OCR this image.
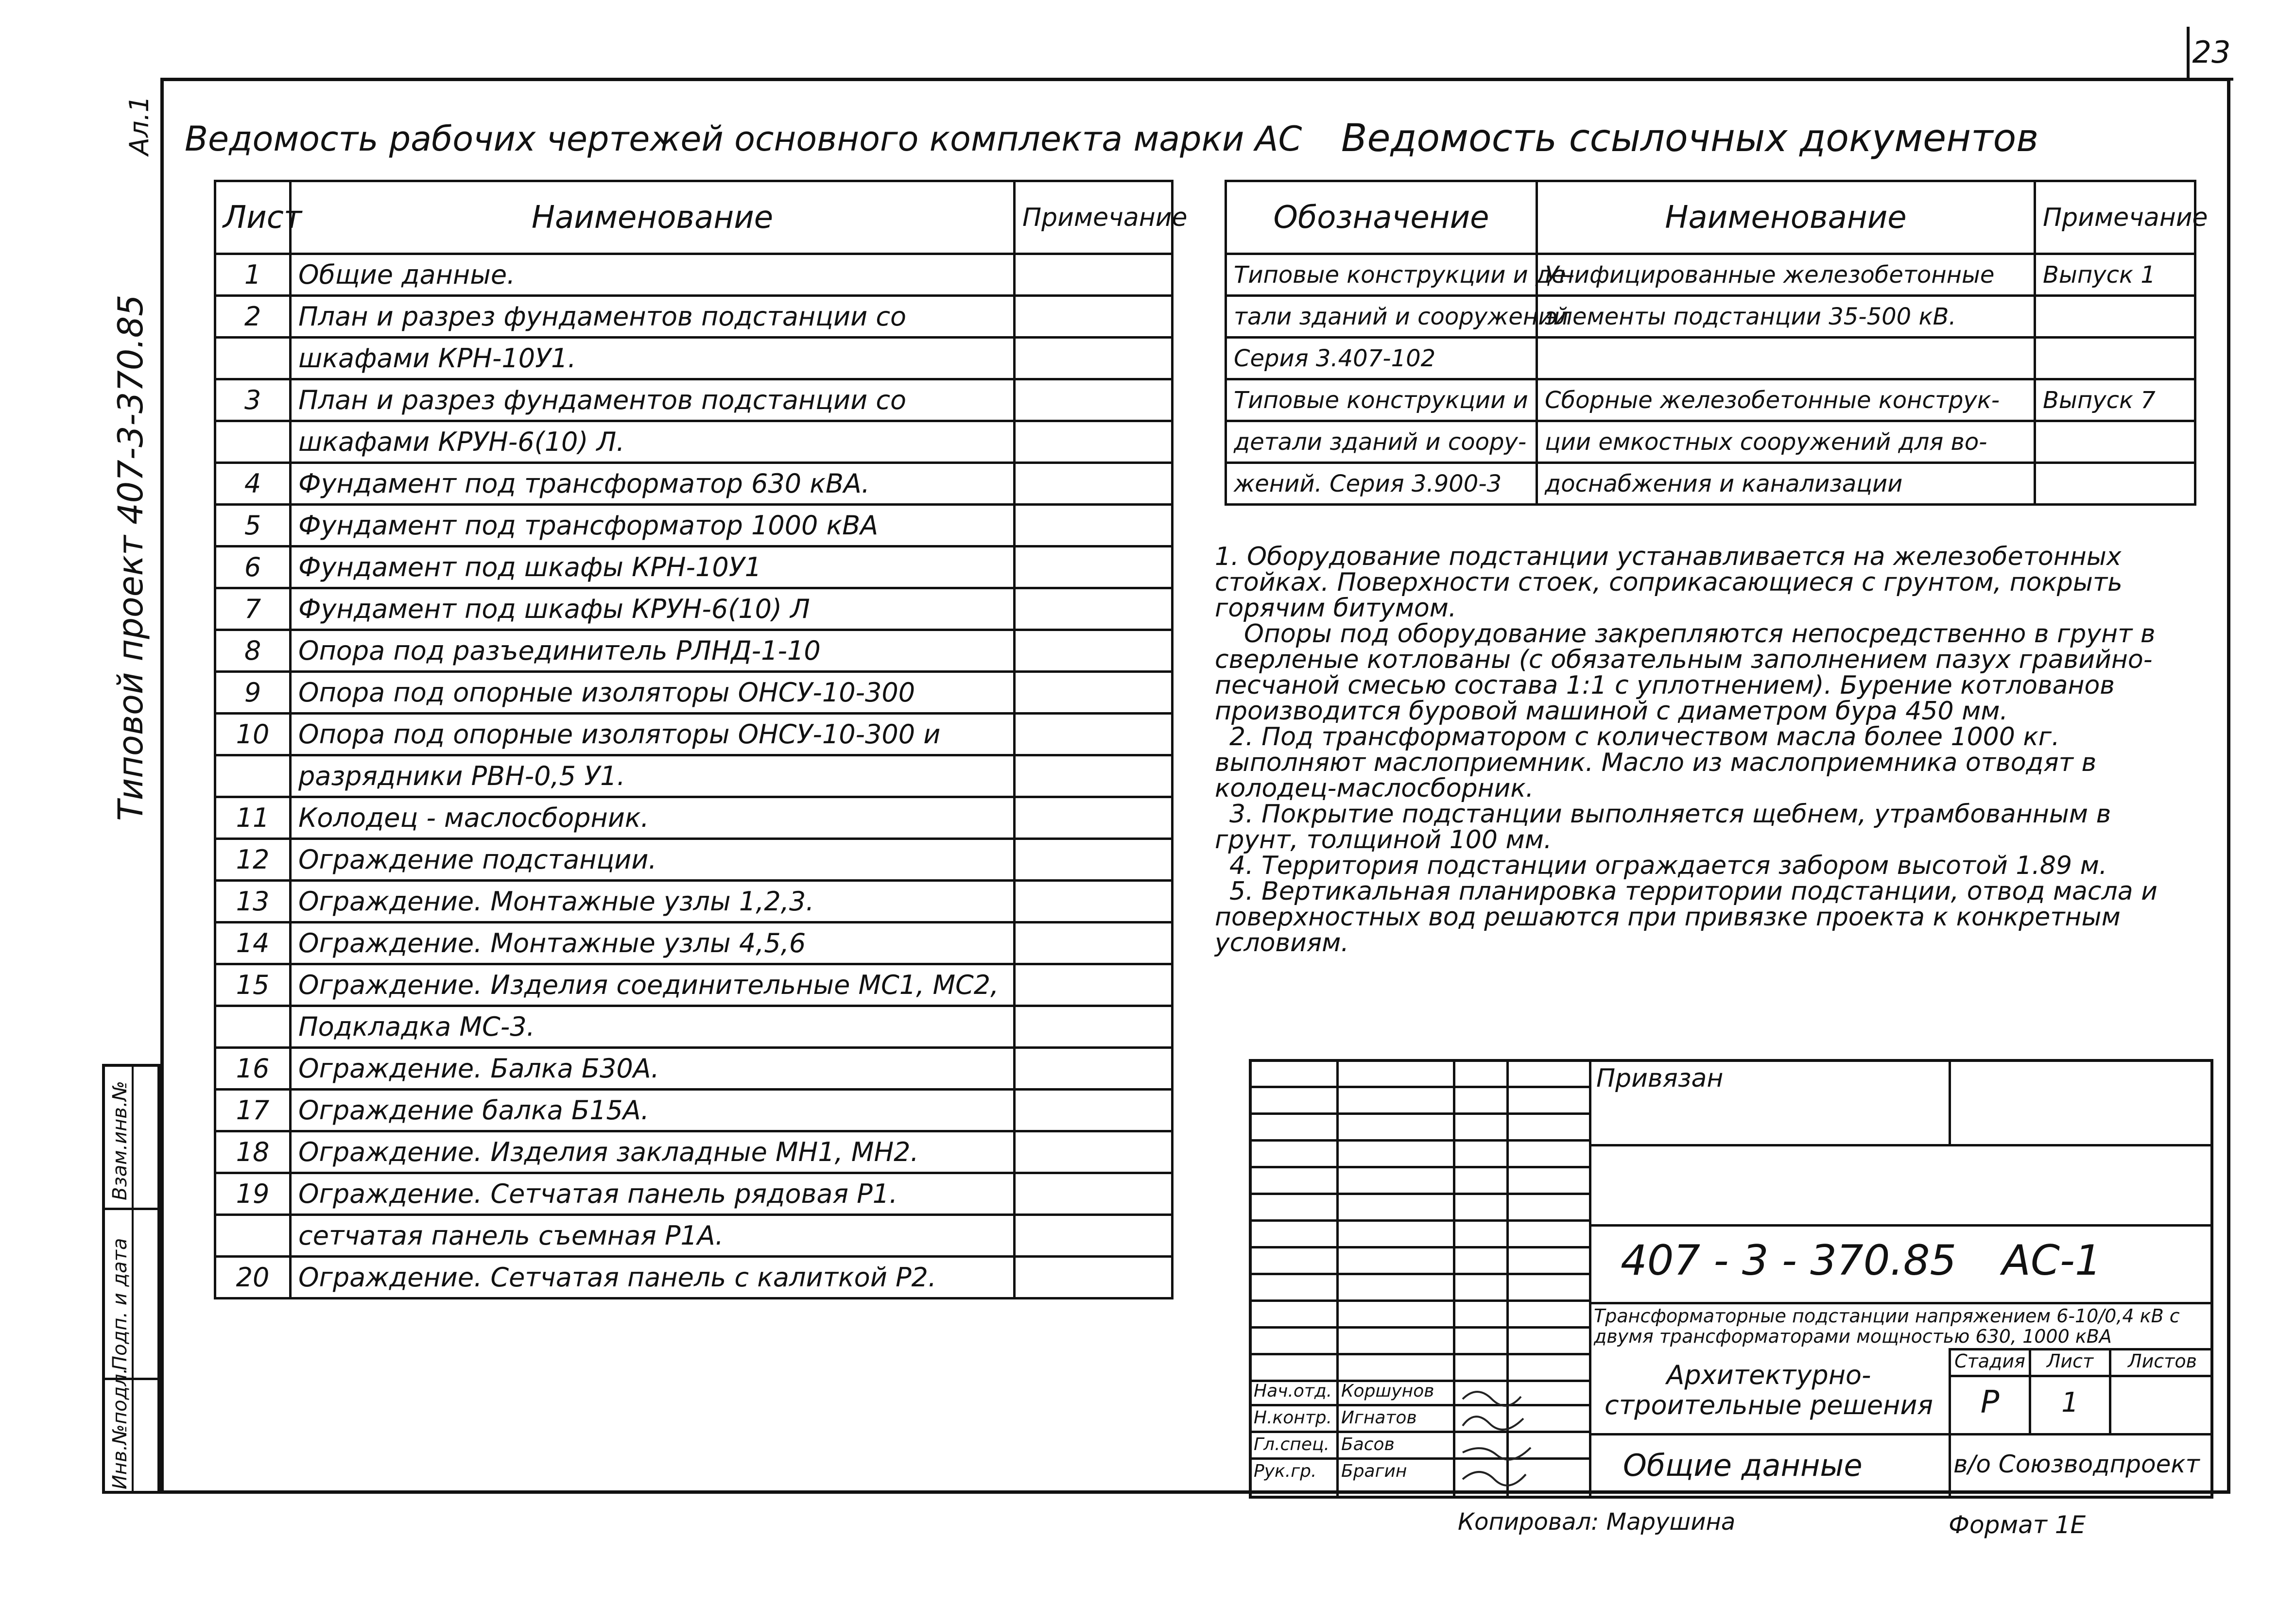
23
Ал.1
Типовой проект 407-3-370.85
Взам.инв.№
Подп. и дата
Инв.№подл.
Ведомость рабочих чертежей основного комплекта марки АС
Лист	Наименование	Примечание
1	Общие данные.	
2	План и разрез фундаментов подстанции со	
	шкафами КРН-10У1.	
3	План и разрез фундаментов подстанции со	
	шкафами КРУН-6(10) Л.	
4	Фундамент под трансформатор 630 кВА.	
5	Фундамент под трансформатор 1000 кВА	
6	Фундамент под шкафы КРН-10У1	
7	Фундамент под шкафы КРУН-6(10) Л	
8	Опора под разъединитель РЛНД-1-10	
9	Опора под опорные изоляторы ОНСУ-10-300	
10	Опора под опорные изоляторы ОНСУ-10-300 и	
	разрядники РВН-0,5 У1.	
11	Колодец - маслосборник.	
12	Ограждение подстанции.	
13	Ограждение. Монтажные узлы 1,2,3.	
14	Ограждение. Монтажные узлы 4,5,6	
15	Ограждение. Изделия соединительные МС1, МС2,	
	Подкладка МС-3.	
16	Ограждение. Балка Б30А.	
17	Ограждение балка Б15А.	
18	Ограждение. Изделия закладные МН1, МН2.	
19	Ограждение. Сетчатая панель рядовая Р1.	
	сетчатая панель съемная Р1А.	
20	Ограждение. Сетчатая панель с калиткой Р2.	
Ведомость ссылочных документов
Обозначение	Наименование	Примечание
Типовые конструкции и де-	Унифицированные железобетонные	Выпуск 1
тали зданий и сооружений	элементы подстанции 35-500 кВ.	
Серия 3.407-102		
Типовые конструкции и	Сборные железобетонные конструк-	Выпуск 7
детали зданий и соору-	ции емкостных сооружений для во-	
жений. Серия 3.900-3	доснабжения и канализации	

1. Оборудование подстанции устанавливается на железобетонных стойках. Поверхности стоек, соприкасающиеся с грунтом, покрыть горячим битумом.

Опоры под оборудование закрепляются непосредственно в грунт в сверленые котлованы (с обязательным заполнением пазух гравийно-песчаной смесью состава 1:1 с уплотнением). Бурение котлованов производится буровой машиной с диаметром бура 450 мм.

2. Под трансформатором с количеством масла более 1000 кг. выполняют маслоприемник. Масло из маслоприемника отводят в колодец-маслосборник.

3. Покрытие подстанции выполняется щебнем, утрамбованным в грунт, толщиной 100 мм.

4. Территория подстанции ограждается забором высотой 1.89 м.

5. Вертикальная планировка территории подстанции, отвод масла и поверхностных вод решаются при привязке проекта к конкретным условиям.

Привязан
407 - 3 - 370.85 АС-1
Трансформаторные подстанции напряжением 6-10/0,4 кВ с двумя трансформаторами мощностью 630, 1000 кВА
Архитектурно-строительные решения
Общие данные	в/о Союзводпроект
Стадия	Лист	Листов
Р	1
Нач.отд. Коршунов
Н.контр. Игнатов
Гл.спец. Басов
Рук.гр. Брагин
Копировал: Марушина	Формат 1Е
